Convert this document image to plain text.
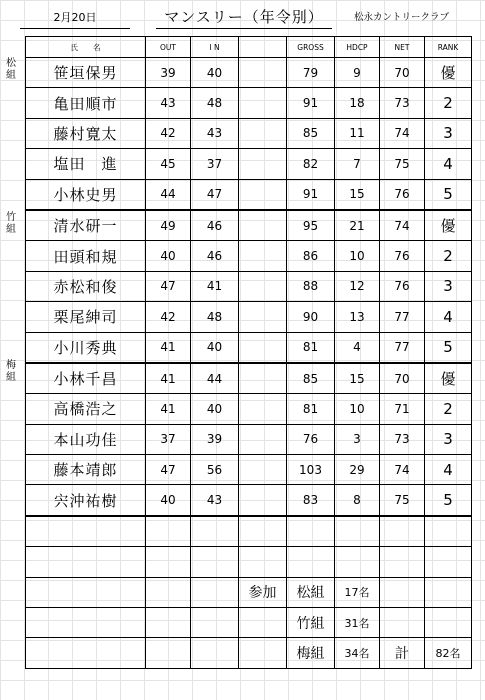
2月20日	マンスリー（年令別）	松永カントリークラブ
松
組
竹
組
梅
組
氏　　名	OUT	I N		GROSS	HDCP	NET	RANK
笹垣保男	39	40		79	9	70	優
亀田順市	43	48		91	18	73	2
藤村寛太	42	43		85	11	74	3
塩田　進	45	37		82	7	75	4
小林史男	44	47		91	15	76	5
清水研一	49	46		95	21	74	優
田頭和規	40	46		86	10	76	2
赤松和俊	47	41		88	12	76	3
栗尾紳司	42	48		90	13	77	4
小川秀典	41	40		81	4	77	5
小林千昌	41	44		85	15	70	優
高橋浩之	41	40		81	10	71	2
本山功佳	37	39		76	3	73	3
藤本靖郎	47	56		103	29	74	4
宍沖祐樹	40	43		83	8	75	5

			参加	松組	17名		
				竹組	31名		
				梅組	34名	計	82名
